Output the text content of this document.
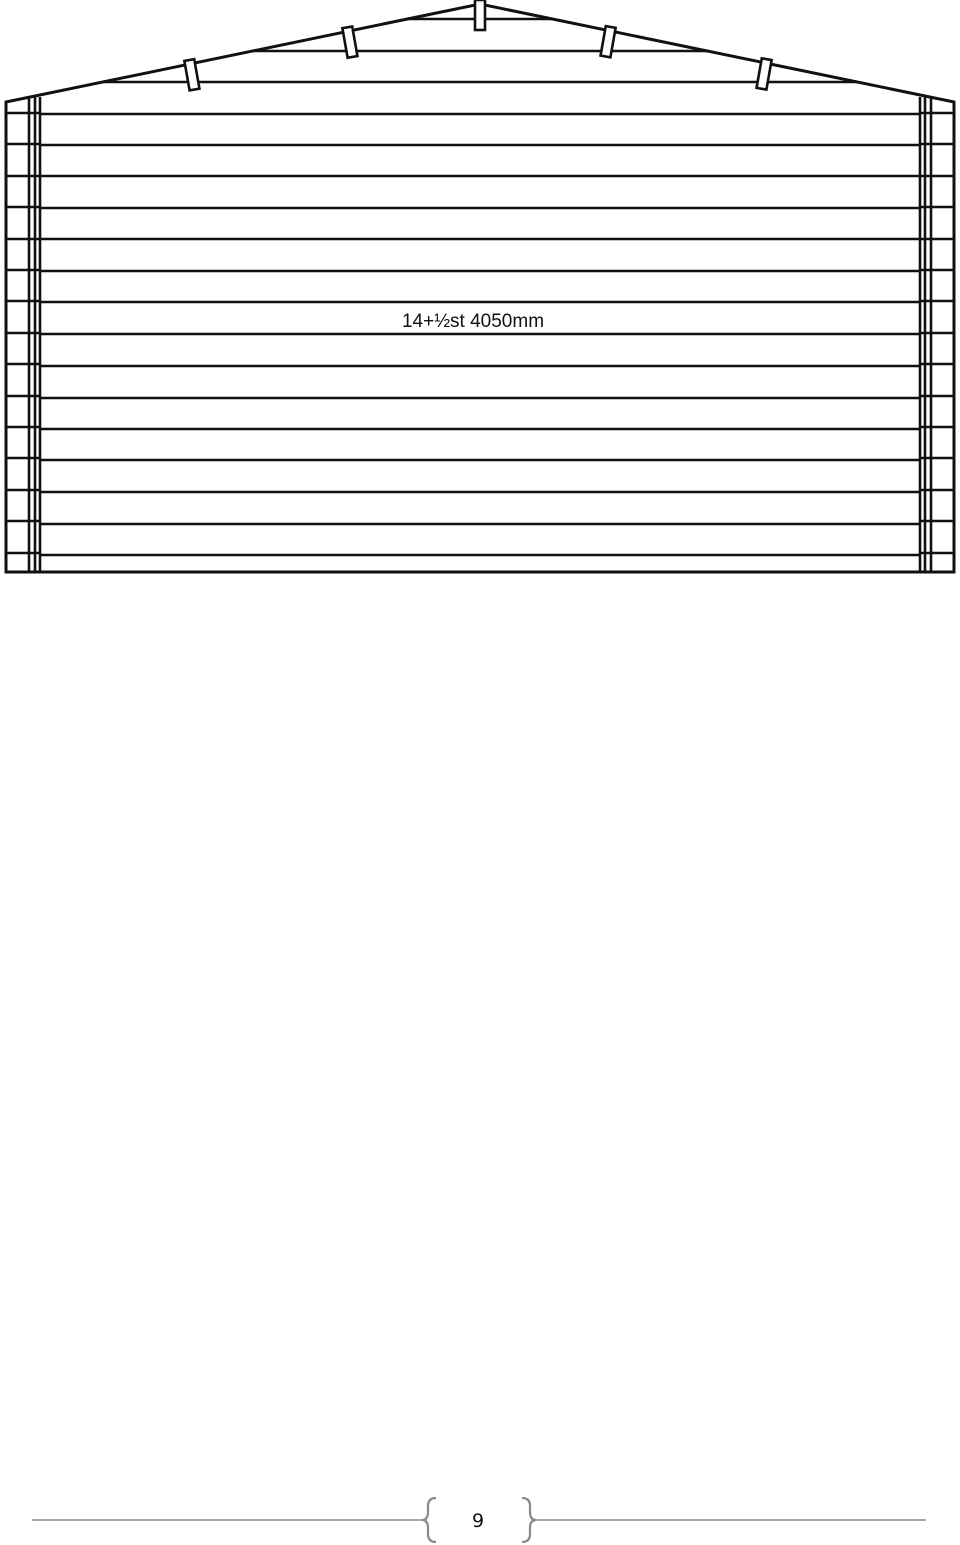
14+½st 4050mm
9
